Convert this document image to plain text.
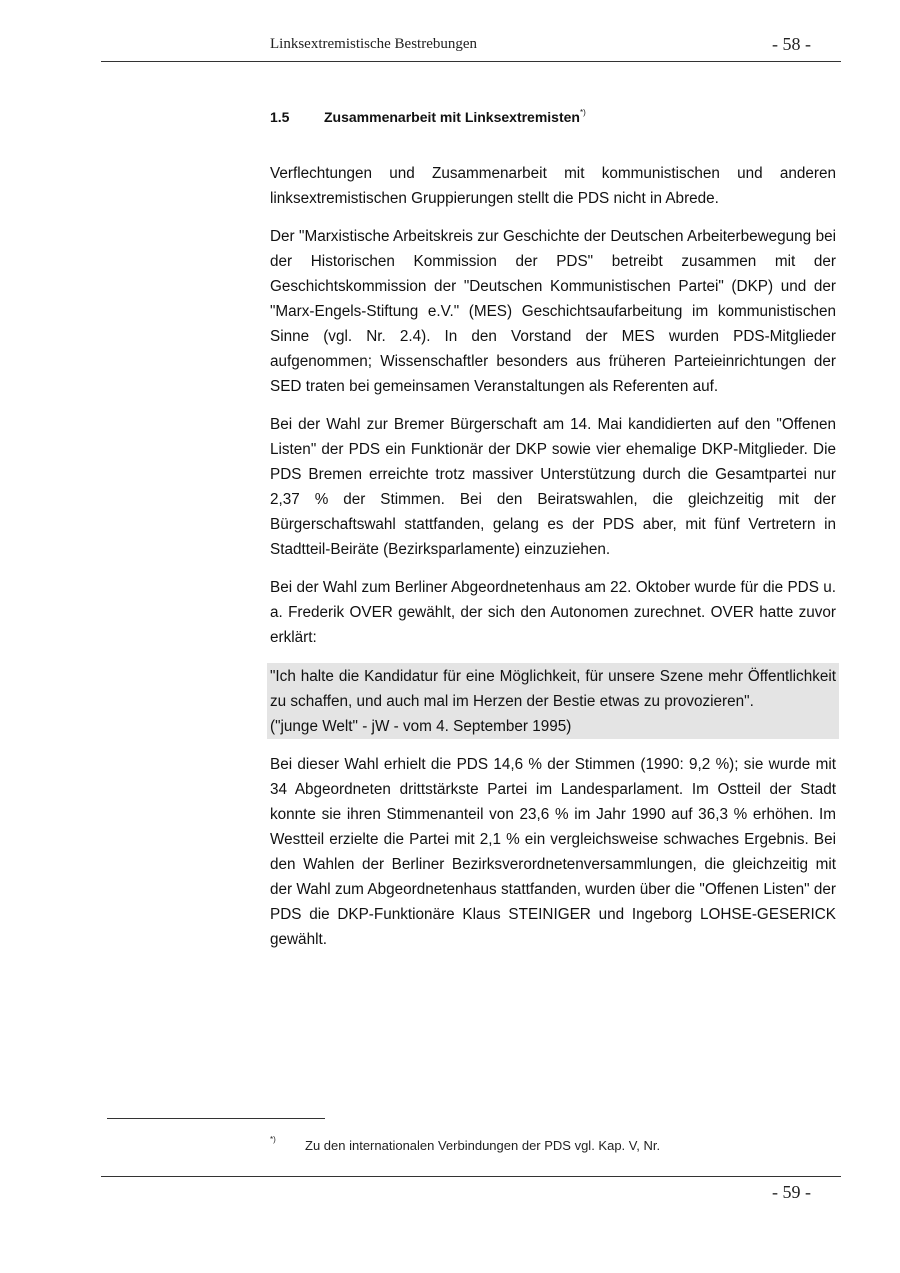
Linksextremistische Bestrebungen	- 58 -
1.5 Zusammenarbeit mit Linksextremisten*)

Verflechtungen und Zusammenarbeit mit kommunistischen und anderen linksextremistischen Gruppierungen stellt die PDS nicht in Abrede.

Der "Marxistische Arbeitskreis zur Geschichte der Deutschen Arbeiterbewegung bei der Historischen Kommission der PDS" betreibt zusammen mit der Geschichtskommission der "Deutschen Kommunistischen Partei" (DKP) und der "Marx-Engels-Stiftung e.V." (MES) Geschichtsaufarbeitung im kommunistischen Sinne (vgl. Nr. 2.4). In den Vorstand der MES wurden PDS-Mitglieder aufgenommen; Wissenschaftler besonders aus früheren Parteieinrichtungen der SED traten bei gemeinsamen Veranstaltungen als Referenten auf.

Bei der Wahl zur Bremer Bürgerschaft am 14. Mai kandidierten auf den "Offenen Listen" der PDS ein Funktionär der DKP sowie vier ehemalige DKP-Mitglieder. Die PDS Bremen erreichte trotz massiver Unterstützung durch die Gesamtpartei nur 2,37 % der Stimmen. Bei den Beiratswahlen, die gleichzeitig mit der Bürgerschaftswahl stattfanden, gelang es der PDS aber, mit fünf Vertretern in Stadtteil-Beiräte (Bezirksparlamente) einzuziehen.

Bei der Wahl zum Berliner Abgeordnetenhaus am 22. Oktober wurde für die PDS u. a. Frederik OVER gewählt, der sich den Autonomen zurechnet. OVER hatte zuvor erklärt:

"Ich halte die Kandidatur für eine Möglichkeit, für unsere Szene mehr Öffentlichkeit zu schaffen, und auch mal im Herzen der Bestie etwas zu provozieren".

("junge Welt" - jW - vom 4. September 1995)

Bei dieser Wahl erhielt die PDS 14,6 % der Stimmen (1990: 9,2 %); sie wurde mit 34 Abgeordneten drittstärkste Partei im Landesparlament. Im Ostteil der Stadt konnte sie ihren Stimmenanteil von 23,6 % im Jahr 1990 auf 36,3 % erhöhen. Im Westteil erzielte die Partei mit 2,1 % ein vergleichsweise schwaches Ergebnis. Bei den Wahlen der Berliner Bezirksverordnetenversammlungen, die gleichzeitig mit der Wahl zum Abgeordnetenhaus stattfanden, wurden über die "Offenen Listen" der PDS die DKP-Funktionäre Klaus STEINIGER und Ingeborg LOHSE-GESERICK gewählt.

*) Zu den internationalen Verbindungen der PDS vgl. Kap. V, Nr.
- 59 -
